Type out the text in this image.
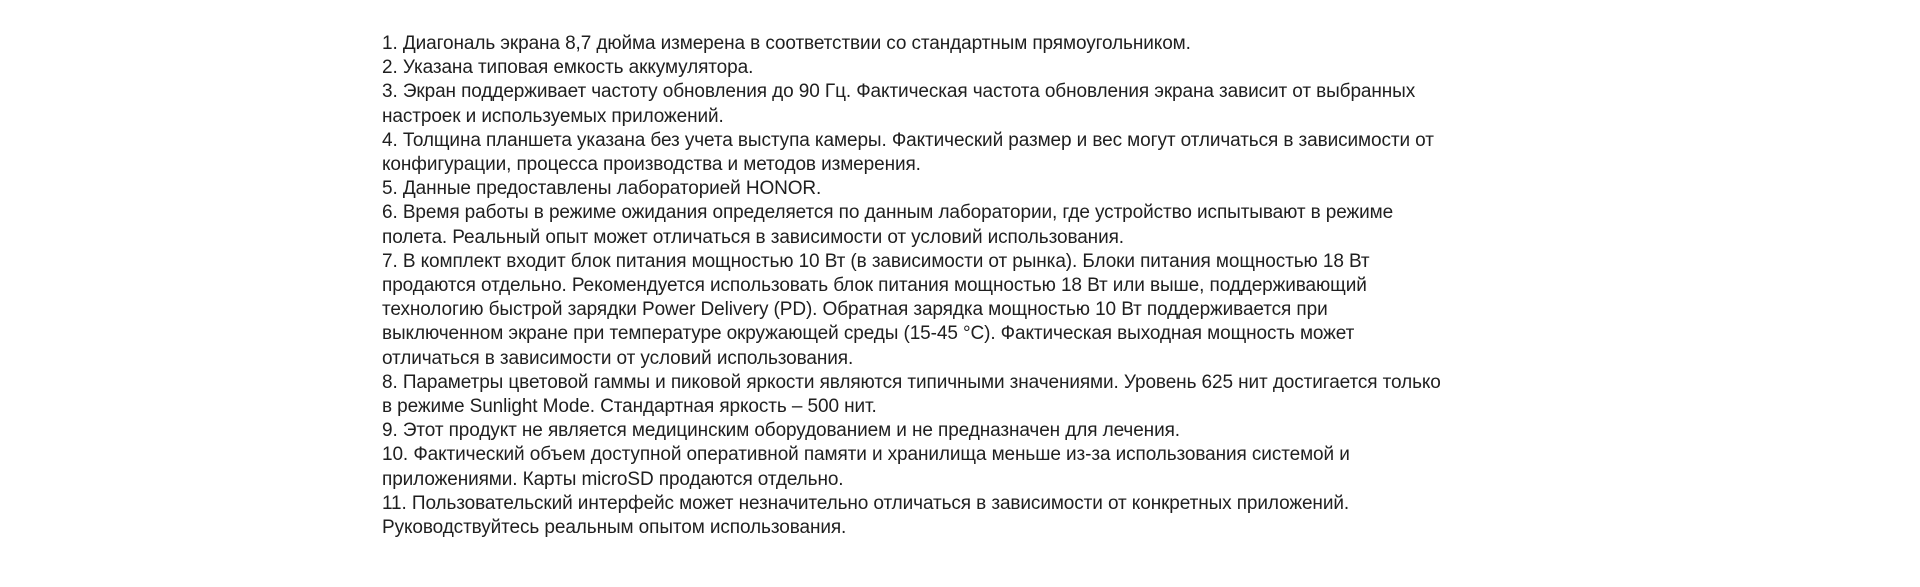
1. Диагональ экрана 8,7 дюйма измерена в соответствии со стандартным прямоугольником.
2. Указана типовая емкость аккумулятора.
3. Экран поддерживает частоту обновления до 90 Гц. Фактическая частота обновления экрана зависит от выбранных
настроек и используемых приложений.
4. Толщина планшета указана без учета выступа камеры. Фактический размер и вес могут отличаться в зависимости от
конфигурации, процесса производства и методов измерения.
5. Данные предоставлены лабораторией HONOR.
6. Время работы в режиме ожидания определяется по данным лаборатории, где устройство испытывают в режиме
полета. Реальный опыт может отличаться в зависимости от условий использования.
7. В комплект входит блок питания мощностью 10 Вт (в зависимости от рынка). Блоки питания мощностью 18 Вт
продаются отдельно. Рекомендуется использовать блок питания мощностью 18 Вт или выше, поддерживающий
технологию быстрой зарядки Power Delivery (PD). Обратная зарядка мощностью 10 Вт поддерживается при
выключенном экране при температуре окружающей среды (15-45 °C). Фактическая выходная мощность может
отличаться в зависимости от условий использования.
8. Параметры цветовой гаммы и пиковой яркости являются типичными значениями. Уровень 625 нит достигается только
в режиме Sunlight Mode. Стандартная яркость – 500 нит.
9. Этот продукт не является медицинским оборудованием и не предназначен для лечения.
10. Фактический объем доступной оперативной памяти и хранилища меньше из-за использования системой и
приложениями. Карты microSD продаются отдельно.
11. Пользовательский интерфейс может незначительно отличаться в зависимости от конкретных приложений.
Руководствуйтесь реальным опытом использования.
